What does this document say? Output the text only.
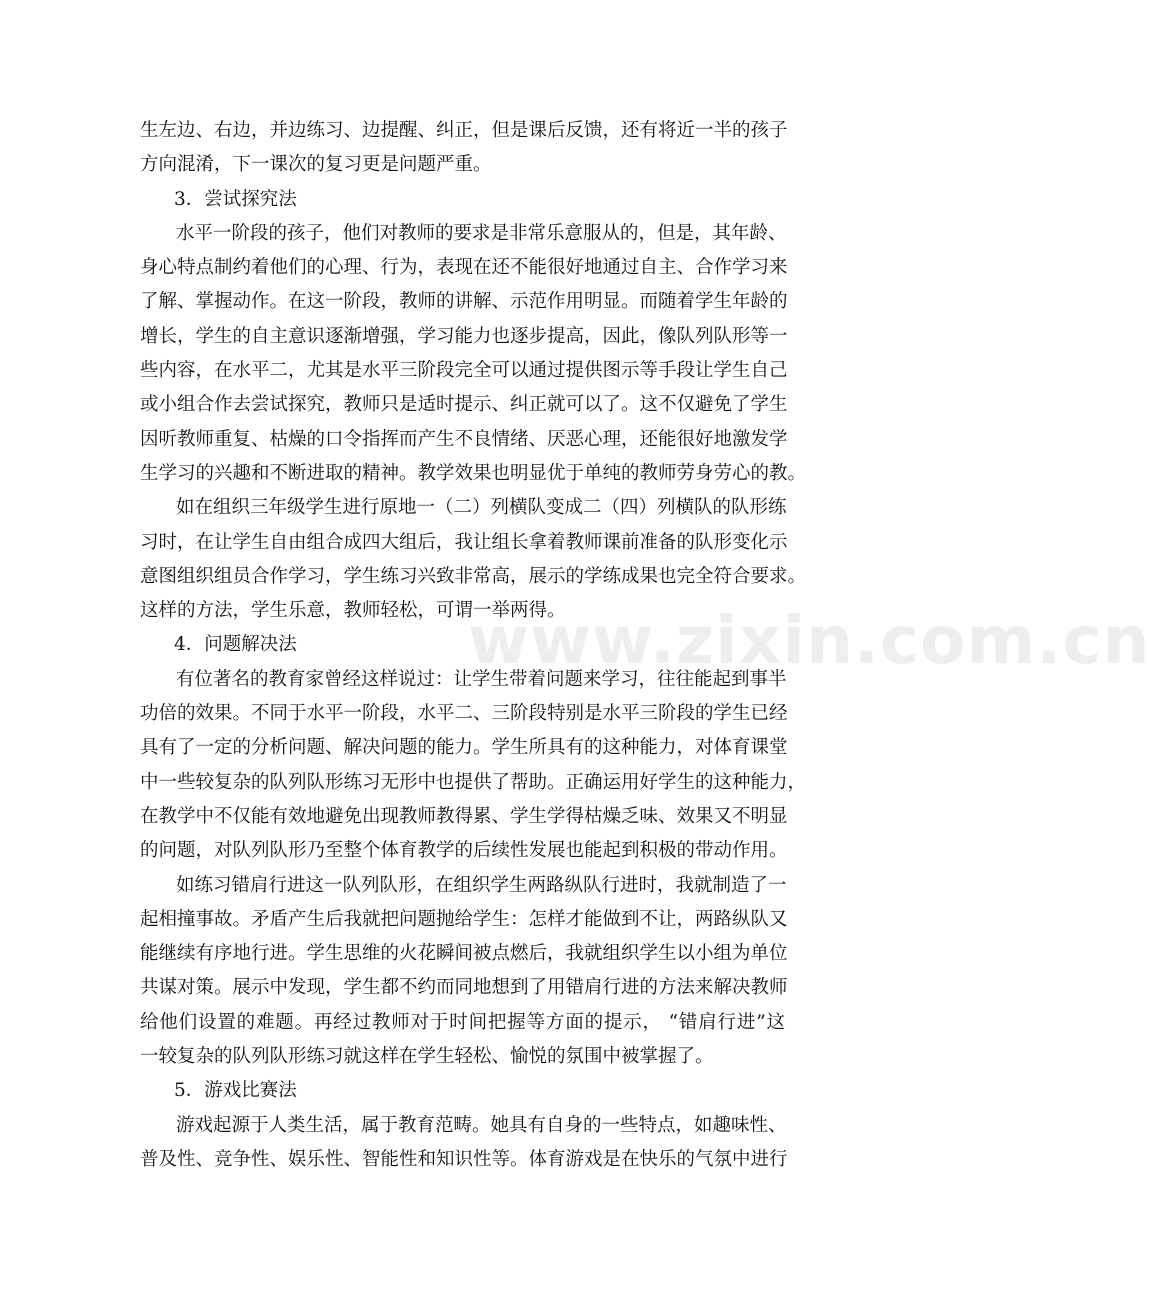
生左边、右边，并边练习、边提醒、纠正，但是课后反馈，还有将近一半的孩子
方向混淆，下一课次的复习更是问题严重。
3．尝试探究法
水平一阶段的孩子，他们对教师的要求是非常乐意服从的，但是，其年龄、
身心特点制约着他们的心理、行为，表现在还不能很好地通过自主、合作学习来
了解、掌握动作。在这一阶段，教师的讲解、示范作用明显。而随着学生年龄的
增长，学生的自主意识逐渐增强，学习能力也逐步提高，因此，像队列队形等一
些内容，在水平二，尤其是水平三阶段完全可以通过提供图示等手段让学生自己
或小组合作去尝试探究，教师只是适时提示、纠正就可以了。这不仅避免了学生
因听教师重复、枯燥的口令指挥而产生不良情绪、厌恶心理，还能很好地激发学
生学习的兴趣和不断进取的精神。教学效果也明显优于单纯的教师劳身劳心的教。
如在组织三年级学生进行原地一（二）列横队变成二（四）列横队的队形练
习时，在让学生自由组合成四大组后，我让组长拿着教师课前准备的队形变化示
意图组织组员合作学习，学生练习兴致非常高，展示的学练成果也完全符合要求。
这样的方法，学生乐意，教师轻松，可谓一举两得。
4．问题解决法
有位著名的教育家曾经这样说过：让学生带着问题来学习，往往能起到事半
功倍的效果。不同于水平一阶段，水平二、三阶段特别是水平三阶段的学生已经
具有了一定的分析问题、解决问题的能力。学生所具有的这种能力，对体育课堂
中一些较复杂的队列队形练习无形中也提供了帮助。正确运用好学生的这种能力，
在教学中不仅能有效地避免出现教师教得累、学生学得枯燥乏味、效果又不明显
的问题，对队列队形乃至整个体育教学的后续性发展也能起到积极的带动作用。
如练习错肩行进这一队列队形，在组织学生两路纵队行进时，我就制造了一
起相撞事故。矛盾产生后我就把问题抛给学生：怎样才能做到不让，两路纵队又
能继续有序地行进。学生思维的火花瞬间被点燃后，我就组织学生以小组为单位
共谋对策。展示中发现，学生都不约而同地想到了用错肩行进的方法来解决教师
给他们设置的难题。再经过教师对于时间把握等方面的提示， “错肩行进”这
一较复杂的队列队形练习就这样在学生轻松、愉悦的氛围中被掌握了。
5．游戏比赛法
游戏起源于人类生活，属于教育范畴。她具有自身的一些特点，如趣味性、
普及性、竞争性、娱乐性、智能性和知识性等。体育游戏是在快乐的气氛中进行
www.zixin.com.cn
